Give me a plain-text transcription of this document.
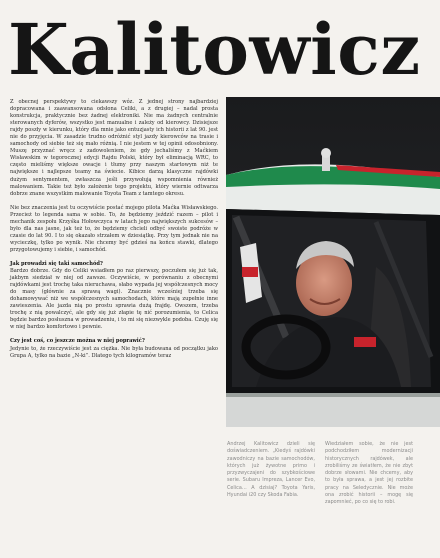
Kalitowicz

Z obecnej perspektywy to ciekawszy wóz. Z jednej strony najbardziej dopracowana i zaawansowana odsłona Celiki, a z drugiej – nadal prosta konstrukcja, praktycznie bez żadnej elektroniki. Nie ma żadnych centralnie sterowanych dyferów, wszystko jest manualne i zależy od kierowcy. Dzisiejsze rajdy poszły w kierunku, który dla mnie jako entuzjasty ich historii z lat 90. jest nie do przyjęcia. W zasadzie trudno odróżnić styl jazdy kierowców na trasie i samochody od siebie też się mało różnią. I nie jestem w tej opinii odosobniony. Muszę przyznać wręcz z zadowoleniem, że gdy jechaliśmy z Maćkiem Wisławskim w tegorocznej edycji Rajdu Polski, który był eliminacją WRC, to często mieliśmy większe owacje i tłumy przy naszym startowym niż te największe i najlepsze teamy na świecie. Kibice darzą klasyczne rajdówki dużym sentymentem, zwłaszcza jeśli przywołują wspomnienia również malowaniem. Takie też było założenie tego projektu, który wiernie odtwarza dobrze znane wszystkim malowanie Toyota Team z tamtego okresu.

Nie bez znaczenia jest tu oczywiście postać mojego pilota Maćka Wisławskiego. Przecież to legenda sama w sobie. To, że będziemy jeździć razem – pilot i mechanik zespołu Krzyśka Hołowczyca w latach jego największych sukcesów – było dla nas jasne, jak też to, że będziemy chcieli odbyć swoiste podróże w czasie do lat 90. I to się okazało strzałem w dziesiątkę. Przy tym jednak nie na wycieczkę, tylko po wynik. Nie chcemy być gdzieś na końcu stawki, dlatego przygotowujemy i siebie, i samochód.

Jak prowadzi się taki samochód?

Bardzo dobrze. Gdy do Celiki wsiadłem po raz pierwszy, poczułem się już tak, jakbym siedział w niej od zawsze. Oczywiście, w porównaniu z obecnymi rajdówkami jest trochę taka nieruchawa, słabo wypada jej współczesnych mocy do masy (głównie za sprawą wagi). Znacznie wcześniej trzeba się dohamowywać niż we współczesnych samochodach, które mają zupełnie inne zawieszenia. Ale jazda nią po prostu sprawia dużą frajdę. Owszem, trzeba trochę z nią powalczyć, ale gdy się już złapie tę nić porozumienia, to Celica będzie bardzo posłuszna w prowadzeniu, i to mi się niezwykle podoba. Czuję się w niej bardzo komfortowo i pewnie.

Czy jest coś, co jeszcze można w niej poprawić?

Jedynie to, że rzeczywiście jest za ciężka. Nie była budowana od początku jako Grupa A, tylko na bazie „N-ki”. Dlatego tych kilogramów teraz

Andrzej Kalitowicz dzieli się doświadczeniem. „Kiedyś rajdówki zawodniczy na bazie samochodów, których już żywotne primo i przyzwyczajeni do szybkościowe serie. Subaru Impreza, Lancer Evo, Celica… A dzisiaj? Toyota Yaris, Hyundai i20 czy Skoda Fabia.
Wiedziałem sobie, że nie jest podchodziłem modernizacji historycznych rajdówek, ale zrobiliśmy ze światłem, że nie zbyt dobrze słowami. Nie chcemy, aby to była sprawa, a jest jej rozbite pracy na Seledycznie. Nie może ona zrobić historii – mogę się zapomnieć, po co się to robi.
